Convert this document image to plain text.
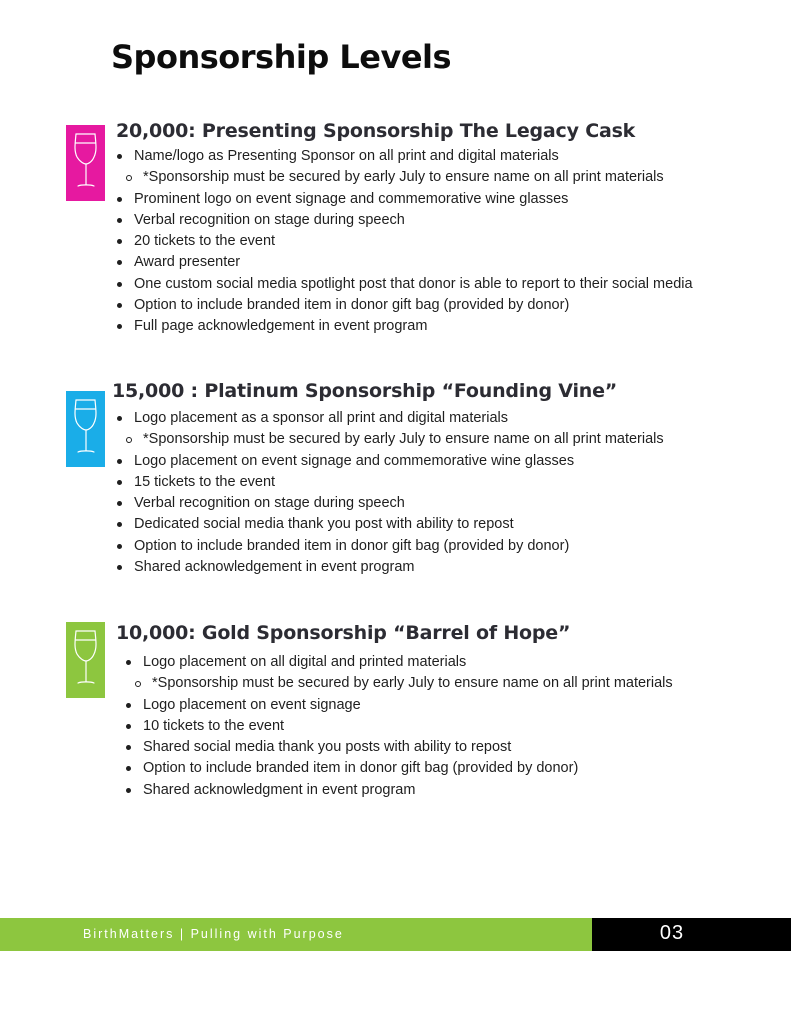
Sponsorship Levels
20,000: Presenting Sponsorship The Legacy Cask
Name/logo as Presenting Sponsor on all print and digital materials
*Sponsorship must be secured by early July to ensure name on all print materials
Prominent logo on event signage and commemorative wine glasses
Verbal recognition on stage during speech
20 tickets to the event
Award presenter
One custom social media spotlight post that donor is able to report to their social media
Option to include branded item in donor gift bag (provided by donor)
Full page acknowledgement in event program
15,000 : Platinum Sponsorship “Founding Vine”
Logo placement as a sponsor all print and digital materials
*Sponsorship must be secured by early July to ensure name on all print materials
Logo placement on event signage and commemorative wine glasses
15 tickets to the event
Verbal recognition on stage during speech
Dedicated social media thank you post with ability to repost
Option to include branded item in donor gift bag (provided by donor)
Shared acknowledgement in event program
10,000: Gold Sponsorship “Barrel of Hope”
Logo placement on all digital and printed materials
*Sponsorship must be secured by early July to ensure name on all print materials
Logo placement on event signage
10 tickets to the event
Shared social media thank you posts with ability to repost
Option to include branded item in donor gift bag (provided by donor)
Shared acknowledgment in event program
BirthMatters | Pulling with Purpose	03
